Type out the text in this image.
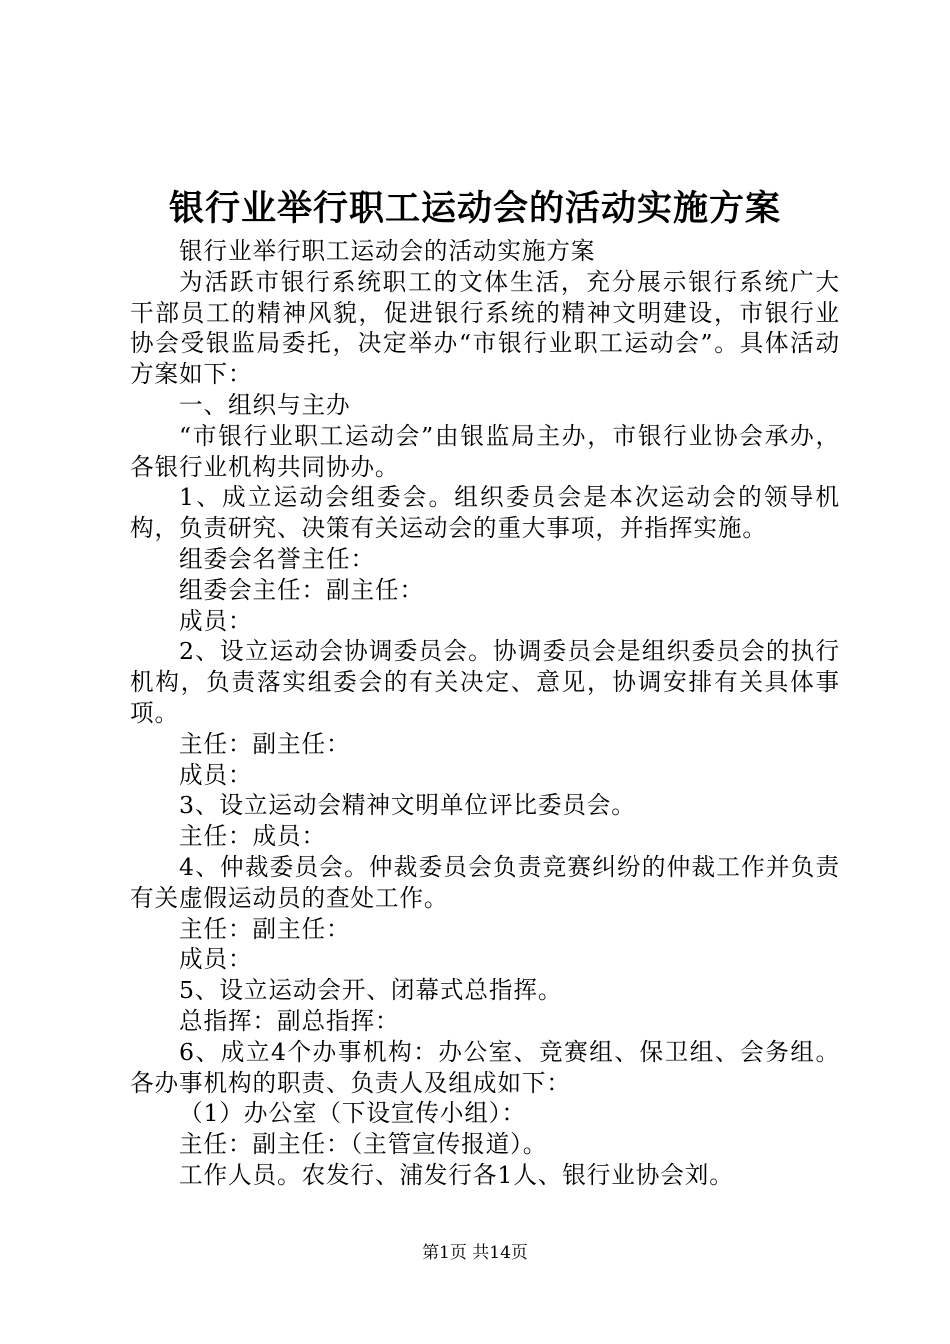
银行业举行职工运动会的活动实施方案

银行业举行职工运动会的活动实施方案

为活跃市银行系统职工的文体生活，充分展示银行系统广大干部员工的精神风貌，促进银行系统的精神文明建设，市银行业协会受银监局委托，决定举办“市银行业职工运动会”。具体活动方案如下：

一、组织与主办

“市银行业职工运动会”由银监局主办，市银行业协会承办，各银行业机构共同协办。

1、成立运动会组委会。组织委员会是本次运动会的领导机构，负责研究、决策有关运动会的重大事项，并指挥实施。

组委会名誉主任：

组委会主任：副主任：

成员：

2、设立运动会协调委员会。协调委员会是组织委员会的执行机构，负责落实组委会的有关决定、意见，协调安排有关具体事项。

主任：副主任：

成员：

3、设立运动会精神文明单位评比委员会。

主任：成员：

4、仲裁委员会。仲裁委员会负责竞赛纠纷的仲裁工作并负责有关虚假运动员的查处工作。

主任：副主任：

成员：

5、设立运动会开、闭幕式总指挥。

总指挥：副总指挥：

6、成立4个办事机构：办公室、竞赛组、保卫组、会务组。各办事机构的职责、负责人及组成如下：

（1）办公室（下设宣传小组）：

主任：副主任：（主管宣传报道）。

工作人员。农发行、浦发行各1人、银行业协会刘。

第1页 共14页
